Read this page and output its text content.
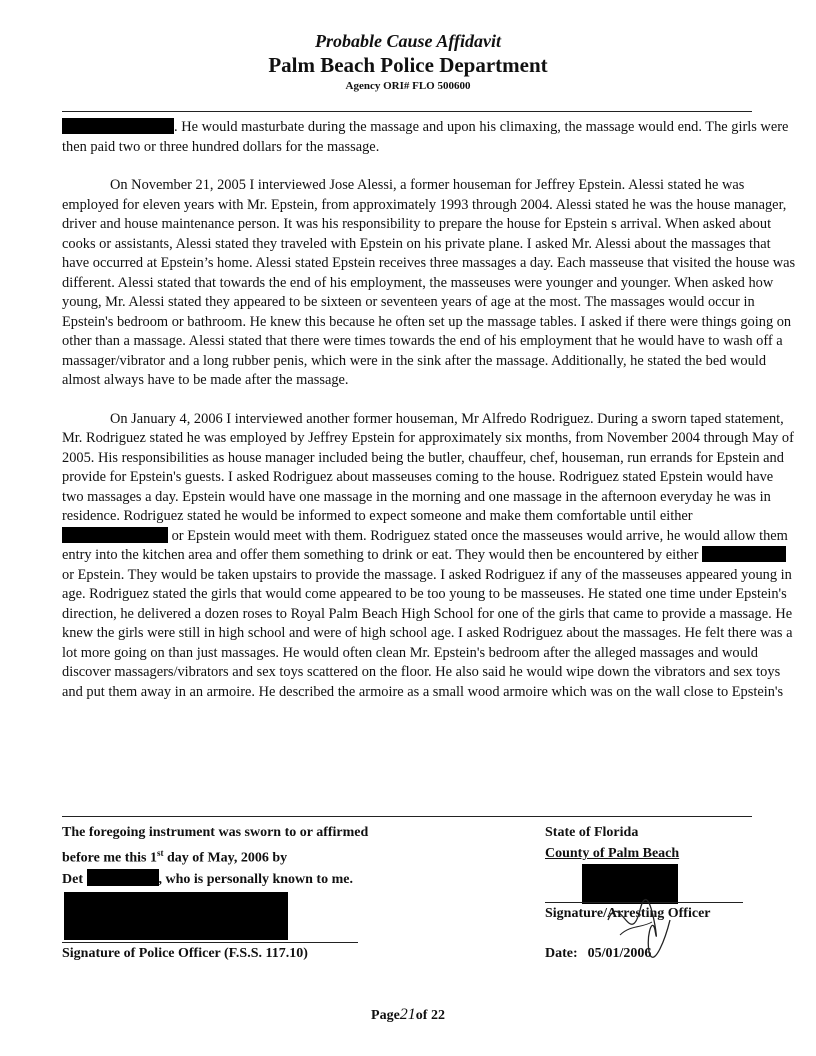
Probable Cause Affidavit
Palm Beach Police Department
Agency ORI# FLO 500600

. He would masturbate during the massage and upon his climaxing, the massage would end. The girls were then paid two or three hundred dollars for the massage.

On November 21, 2005 I interviewed Jose Alessi, a former houseman for Jeffrey Epstein. Alessi stated he was employed for eleven years with Mr. Epstein, from approximately 1993 through 2004. Alessi stated he was the house manager, driver and house maintenance person. It was his responsibility to prepare the house for Epstein s arrival. When asked about cooks or assistants, Alessi stated they traveled with Epstein on his private plane. I asked Mr. Alessi about the massages that have occurred at Epstein’s home. Alessi stated Epstein receives three massages a day. Each masseuse that visited the house was different. Alessi stated that towards the end of his employment, the masseuses were younger and younger. When asked how young, Mr. Alessi stated they appeared to be sixteen or seventeen years of age at the most. The massages would occur in Epstein's bedroom or bathroom. He knew this because he often set up the massage tables. I asked if there were things going on other than a massage. Alessi stated that there were times towards the end of his employment that he would have to wash off a massager/vibrator and a long rubber penis, which were in the sink after the massage. Additionally, he stated the bed would almost always have to be made after the massage.

On January 4, 2006 I interviewed another former houseman, Mr Alfredo Rodriguez. During a sworn taped statement, Mr. Rodriguez stated he was employed by Jeffrey Epstein for approximately six months, from November 2004 through May of 2005. His responsibilities as house manager included being the butler, chauffeur, chef, houseman, run errands for Epstein and provide for Epstein's guests. I asked Rodriguez about masseuses coming to the house. Rodriguez stated Epstein would have two massages a day. Epstein would have one massage in the morning and one massage in the afternoon everyday he was in residence. Rodriguez stated he would be informed to expect someone and make them comfortable until either  or Epstein would meet with them. Rodriguez stated once the masseuses would arrive, he would allow them entry into the kitchen area and offer them something to drink or eat. They would then be encountered by either  or Epstein. They would be taken upstairs to provide the massage. I asked Rodriguez if any of the masseuses appeared young in age. Rodriguez stated the girls that would come appeared to be too young to be masseuses. He stated one time under Epstein's direction, he delivered a dozen roses to Royal Palm Beach High School for one of the girls that came to provide a massage. He knew the girls were still in high school and were of high school age. I asked Rodriguez about the massages. He felt there was a lot more going on than just massages. He would often clean Mr. Epstein's bedroom after the alleged massages and would discover massagers/vibrators and sex toys scattered on the floor. He also said he would wipe down the vibrators and sex toys and put them away in an armoire. He described the armoire as a small wood armoire which was on the wall close to Epstein's

The foregoing instrument was sworn to or affirmed
before me this 1st day of May, 2006 by
Det	, who is personally known to me.
Signature of Police Officer (F.S.S. 117.10)
State of Florida
County of Palm Beach
Signature/Arresting Officer
Date: 05/01/2006
Page21of 22
